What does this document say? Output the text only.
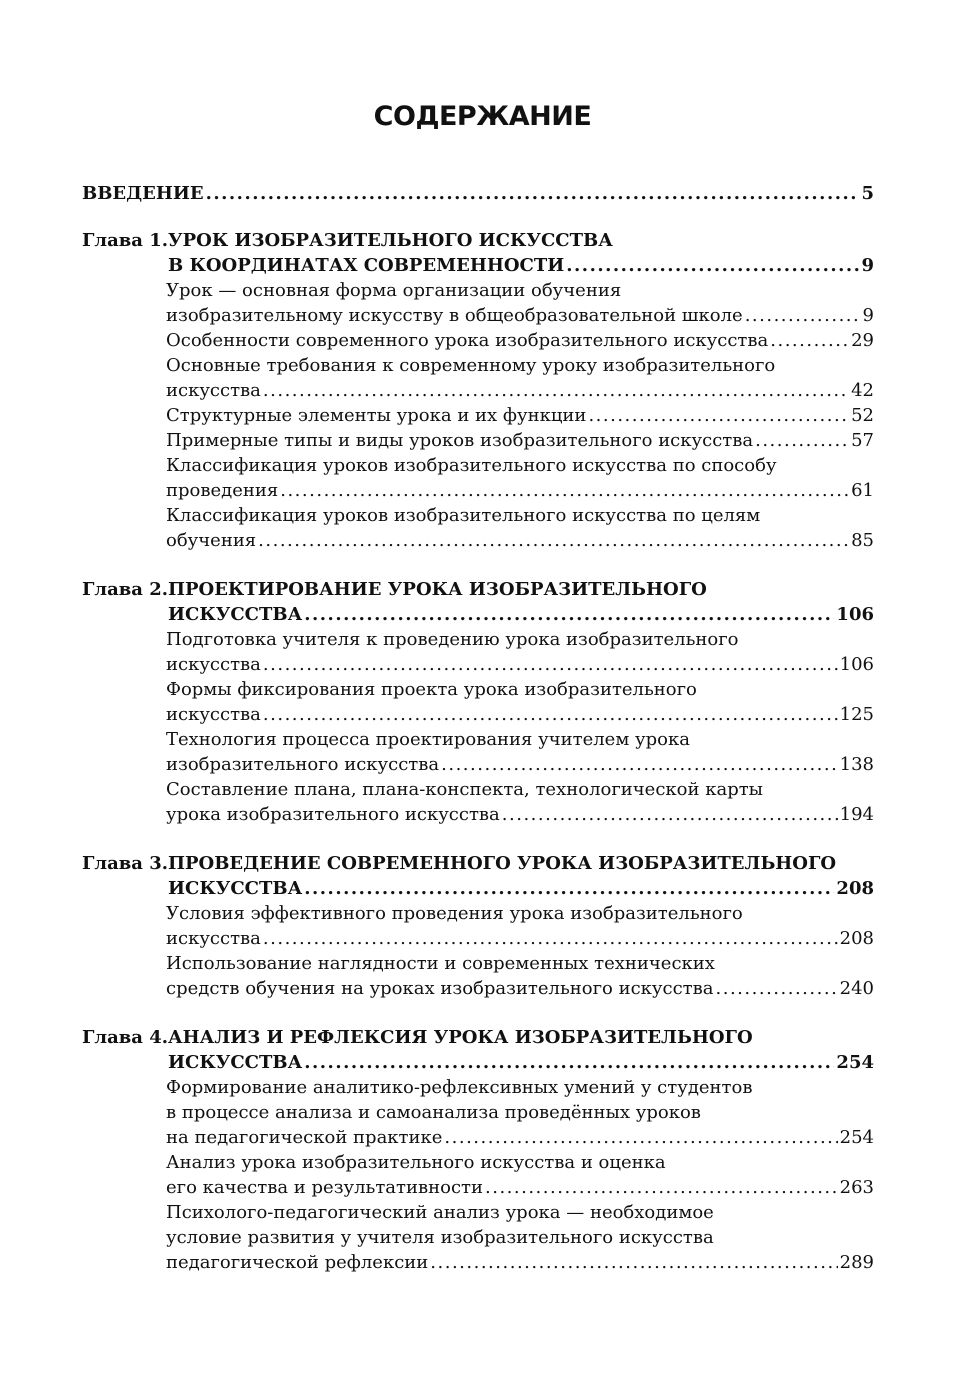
СОДЕРЖАНИЕ
ВВЕДЕНИЕ .....	5
Глава 1. УРОК ИЗОБРАЗИТЕЛЬНОГО ИСКУССТВА
В КООРДИНАТАХ СОВРЕМЕННОСТИ .....	9
Урок — основная форма организации обучения
изобразительному искусству в общеобразовательной школе .....	9
Особенности современного урока изобразительного искусства .....	29
Основные требования к современному уроку изобразительного
искусства .....	42
Структурные элементы урока и их функции .....	52
Примерные типы и виды уроков изобразительного искусства .....	57
Классификация уроков изобразительного искусства по способу
проведения .....	61
Классификация уроков изобразительного искусства по целям
обучения .....	85
Глава 2. ПРОЕКТИРОВАНИЕ УРОКА ИЗОБРАЗИТЕЛЬНОГО
ИСКУССТВА .....	106
Подготовка учителя к проведению урока изобразительного
искусства .....	106
Формы фиксирования проекта урока изобразительного
искусства .....	125
Технология процесса проектирования учителем урока
изобразительного искусства .....	138
Составление плана, плана-конспекта, технологической карты
урока изобразительного искусства .....	194
Глава 3. ПРОВЕДЕНИЕ СОВРЕМЕННОГО УРОКА ИЗОБРАЗИТЕЛЬНОГО
ИСКУССТВА .....	208
Условия эффективного проведения урока изобразительного
искусства .....	208
Использование наглядности и современных технических
средств обучения на уроках изобразительного искусства .....	240
Глава 4. АНАЛИЗ И РЕФЛЕКСИЯ УРОКА ИЗОБРАЗИТЕЛЬНОГО
ИСКУССТВА .....	254
Формирование аналитико-рефлексивных умений у студентов
в процессе анализа и самоанализа проведённых уроков
на педагогической практике .....	254
Анализ урока изобразительного искусства и оценка
его качества и результативности .....	263
Психолого-педагогический анализ урока — необходимое
условие развития у учителя изобразительного искусства
педагогической рефлексии .....	289
